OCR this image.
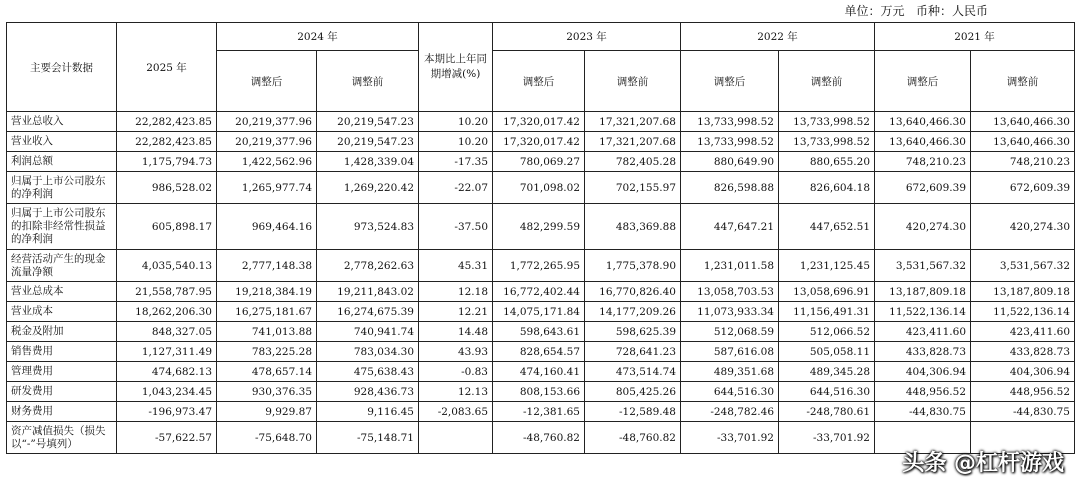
单位：万元   币种：人民币
主要会计数据	2025 年	2024 年		本期比上年同期增减(%)	2023 年		2022 年		2021 年	
		调整后	调整前		调整后	调整前	调整后	调整前	调整后	调整前
营业总收入	22,282,423.85	20,219,377.96	20,219,547.23	10.20	17,320,017.42	17,321,207.68	13,733,998.52	13,733,998.52	13,640,466.30	13,640,466.30
营业收入	22,282,423.85	20,219,377.96	20,219,547.23	10.20	17,320,017.42	17,321,207.68	13,733,998.52	13,733,998.52	13,640,466.30	13,640,466.30
利润总额	1,175,794.73	1,422,562.96	1,428,339.04	-17.35	780,069.27	782,405.28	880,649.90	880,655.20	748,210.23	748,210.23
归属于上市公司股东的净利润	986,528.02	1,265,977.74	1,269,220.42	-22.07	701,098.02	702,155.97	826,598.88	826,604.18	672,609.39	672,609.39
归属于上市公司股东的扣除非经常性损益的净利润	605,898.17	969,464.16	973,524.83	-37.50	482,299.59	483,369.88	447,647.21	447,652.51	420,274.30	420,274.30
经营活动产生的现金流量净额	4,035,540.13	2,777,148.38	2,778,262.63	45.31	1,772,265.95	1,775,378.90	1,231,011.58	1,231,125.45	3,531,567.32	3,531,567.32
营业总成本	21,558,787.95	19,218,384.19	19,211,843.02	12.18	16,772,402.44	16,770,826.40	13,058,703.53	13,058,696.91	13,187,809.18	13,187,809.18
营业成本	18,262,206.30	16,275,181.67	16,274,675.39	12.21	14,075,171.84	14,177,209.26	11,073,933.34	11,156,491.31	11,522,136.14	11,522,136.14
税金及附加	848,327.05	741,013.88	740,941.74	14.48	598,643.61	598,625.39	512,068.59	512,066.52	423,411.60	423,411.60
销售费用	1,127,311.49	783,225.28	783,034.30	43.93	828,654.57	728,641.23	587,616.08	505,058.11	433,828.73	433,828.73
管理费用	474,682.13	478,657.14	475,638.43	-0.83	474,160.41	473,514.74	489,351.68	489,345.28	404,306.94	404,306.94
研发费用	1,043,234.45	930,376.35	928,436.73	12.13	808,153.66	805,425.26	644,516.30	644,516.30	448,956.52	448,956.52
财务费用	-196,973.47	9,929.87	9,116.45	-2,083.65	-12,381.65	-12,589.48	-248,782.46	-248,780.61	-44,830.75	-44,830.75
资产减值损失（损失以“-”号填列）	-57,622.57	-75,648.70	-75,148.71		-48,760.82	-48,760.82	-33,701.92	-33,701.92		
头条 @杠杆游戏
